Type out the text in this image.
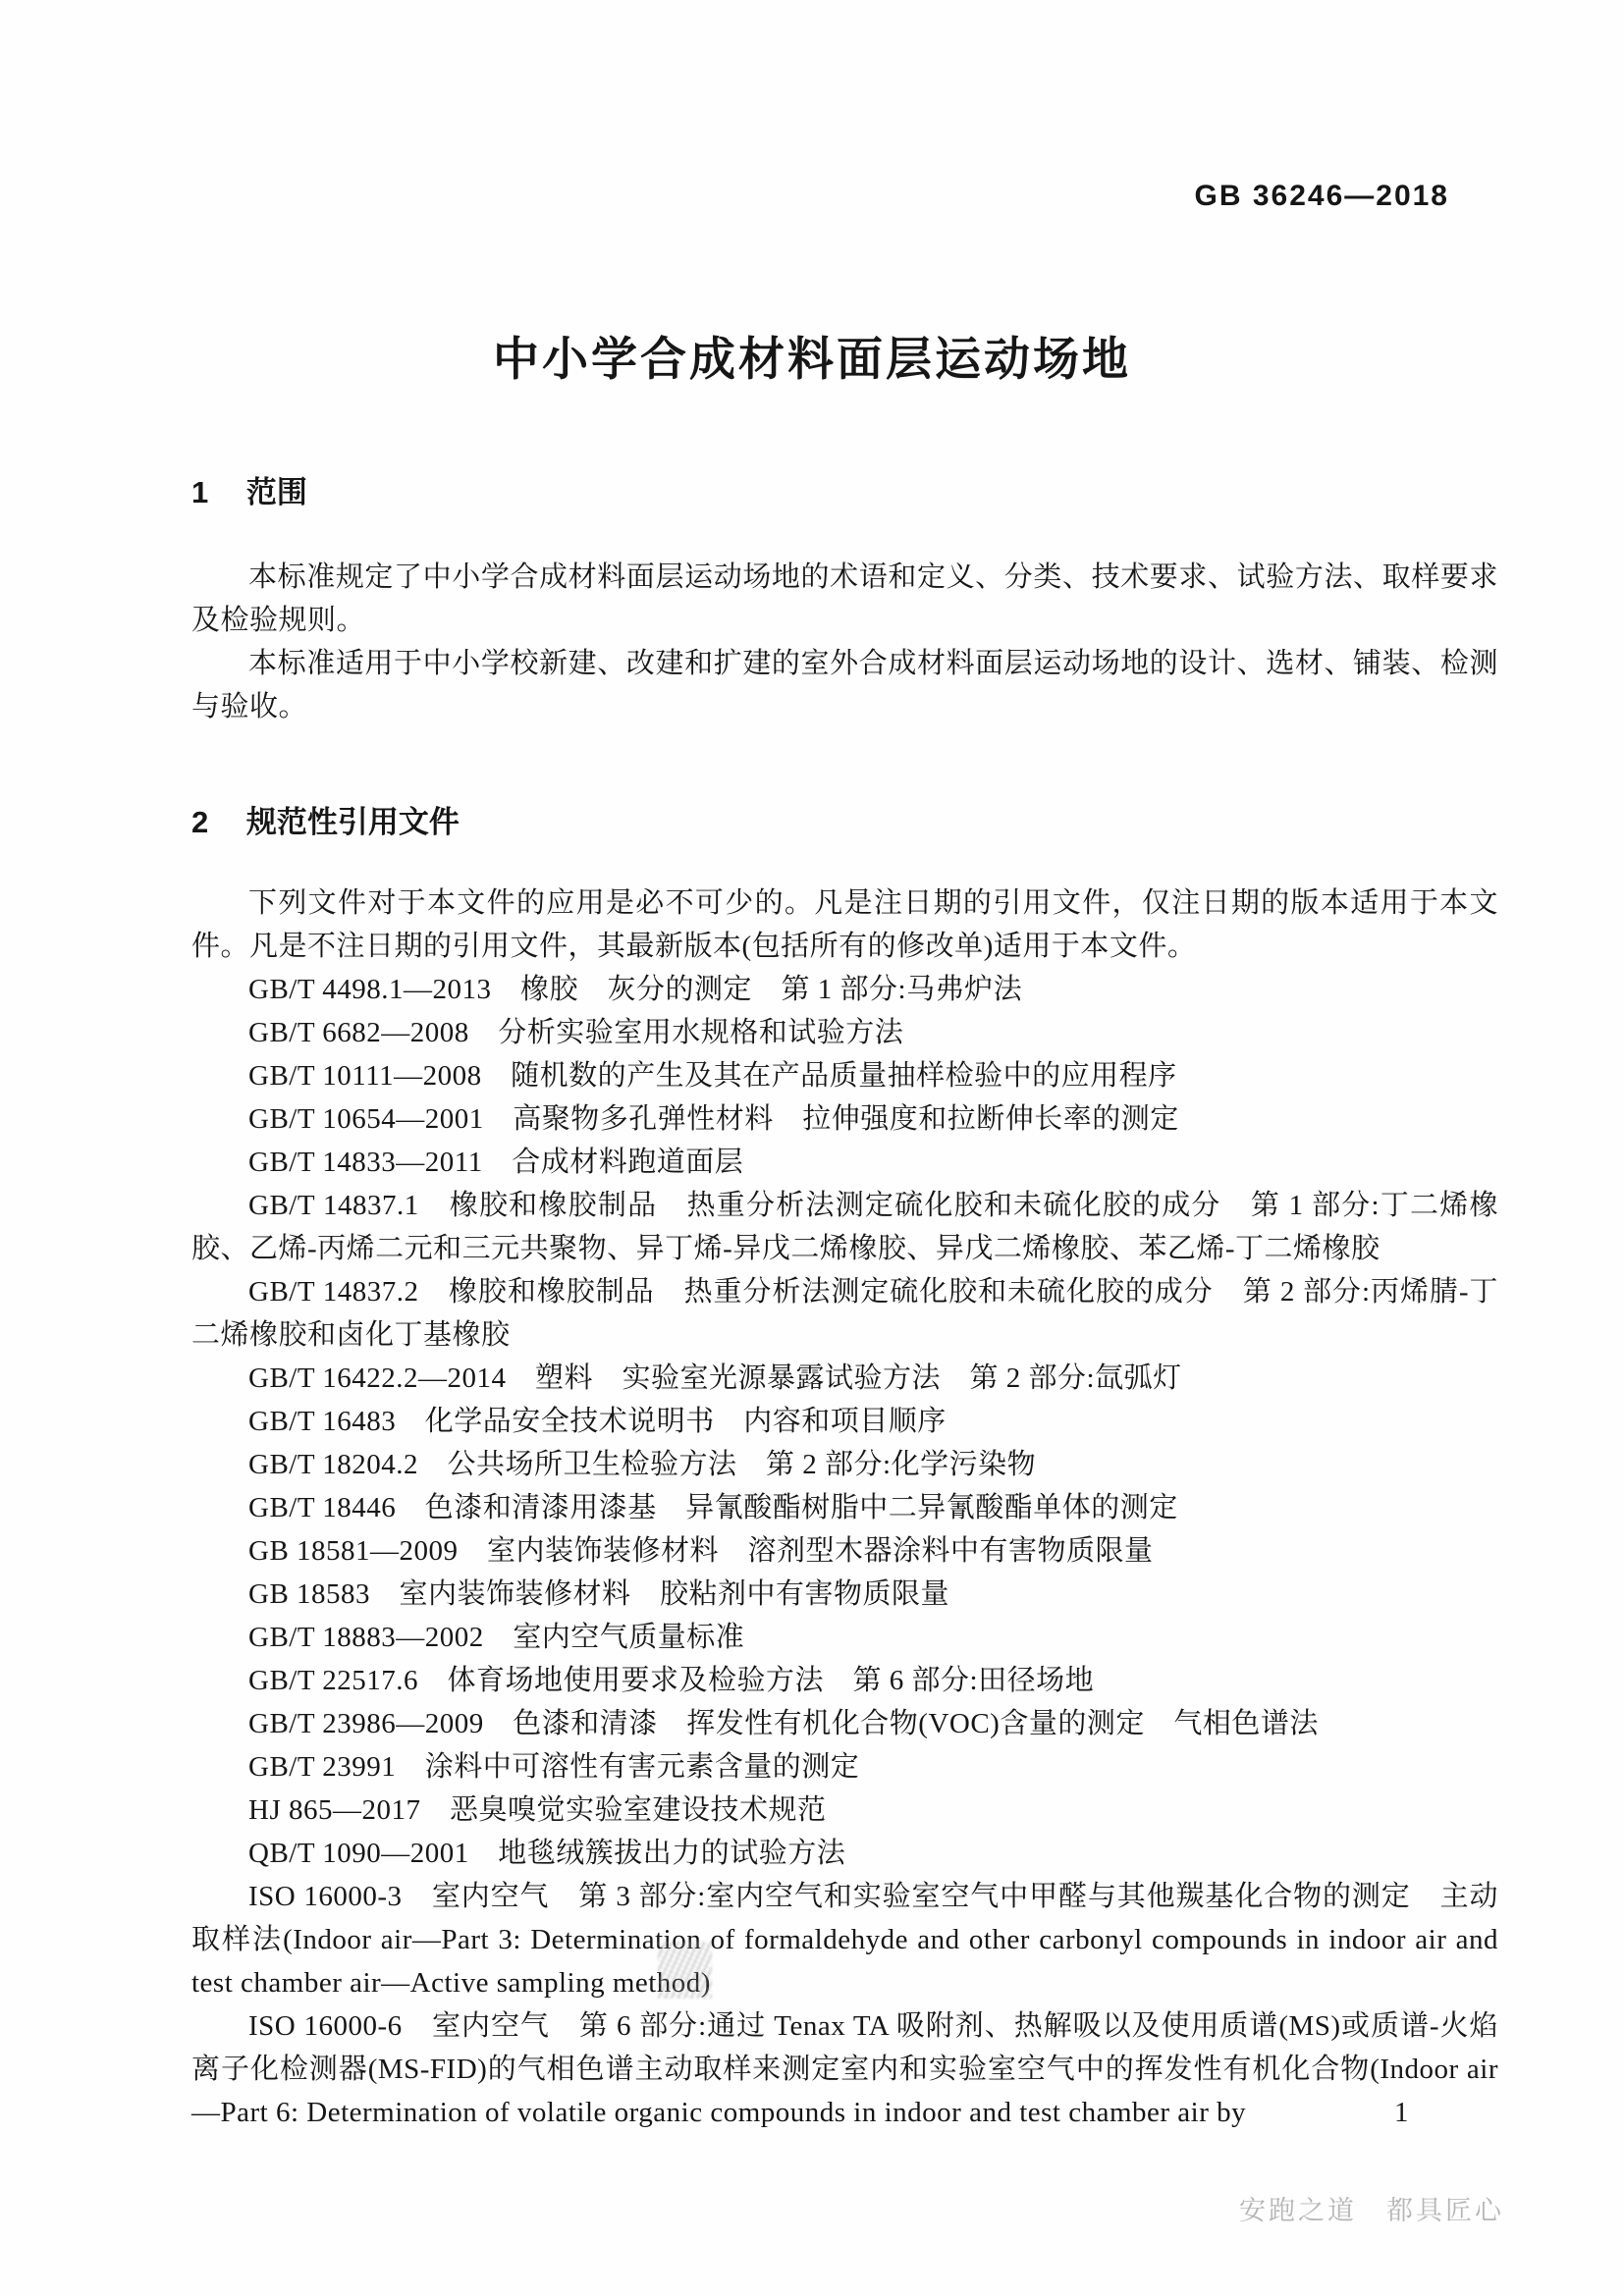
GB 36246—2018
中小学合成材料面层运动场地
1 范围

本标准规定了中小学合成材料面层运动场地的术语和定义、分类、技术要求、试验方法、取样要求及检验规则。

本标准适用于中小学校新建、改建和扩建的室外合成材料面层运动场地的设计、选材、铺装、检测与验收。

2 规范性引用文件

下列文件对于本文件的应用是必不可少的。凡是注日期的引用文件，仅注日期的版本适用于本文件。凡是不注日期的引用文件，其最新版本(包括所有的修改单)适用于本文件。

GB/T 4498.1—2013　橡胶　灰分的测定　第 1 部分:马弗炉法

GB/T 6682—2008　分析实验室用水规格和试验方法

GB/T 10111—2008　随机数的产生及其在产品质量抽样检验中的应用程序

GB/T 10654—2001　高聚物多孔弹性材料　拉伸强度和拉断伸长率的测定

GB/T 14833—2011　合成材料跑道面层

GB/T 14837.1　橡胶和橡胶制品　热重分析法测定硫化胶和未硫化胶的成分　第 1 部分:丁二烯橡胶、乙烯-丙烯二元和三元共聚物、异丁烯-异戊二烯橡胶、异戊二烯橡胶、苯乙烯-丁二烯橡胶

GB/T 14837.2　橡胶和橡胶制品　热重分析法测定硫化胶和未硫化胶的成分　第 2 部分:丙烯腈-丁二烯橡胶和卤化丁基橡胶

GB/T 16422.2—2014　塑料　实验室光源暴露试验方法　第 2 部分:氙弧灯

GB/T 16483　化学品安全技术说明书　内容和项目顺序

GB/T 18204.2　公共场所卫生检验方法　第 2 部分:化学污染物

GB/T 18446　色漆和清漆用漆基　异氰酸酯树脂中二异氰酸酯单体的测定

GB 18581—2009　室内装饰装修材料　溶剂型木器涂料中有害物质限量

GB 18583　室内装饰装修材料　胶粘剂中有害物质限量

GB/T 18883—2002　室内空气质量标准

GB/T 22517.6　体育场地使用要求及检验方法　第 6 部分:田径场地

GB/T 23986—2009　色漆和清漆　挥发性有机化合物(VOC)含量的测定　气相色谱法

GB/T 23991　涂料中可溶性有害元素含量的测定

HJ 865—2017　恶臭嗅觉实验室建设技术规范

QB/T 1090—2001　地毯绒簇拔出力的试验方法

ISO 16000-3　室内空气　第 3 部分:室内空气和实验室空气中甲醛与其他羰基化合物的测定　主动取样法(Indoor air—Part 3: Determination of formaldehyde and other carbonyl compounds in indoor air and test chamber air—Active sampling method)

ISO 16000-6　室内空气　第 6 部分:通过 Tenax TA 吸附剂、热解吸以及使用质谱(MS)或质谱-火焰离子化检测器(MS-FID)的气相色谱主动取样来测定室内和实验室空气中的挥发性有机化合物(Indoor air—Part 6: Determination of volatile organic compounds in indoor and test chamber air by	1
安跑之道　都具匠心
